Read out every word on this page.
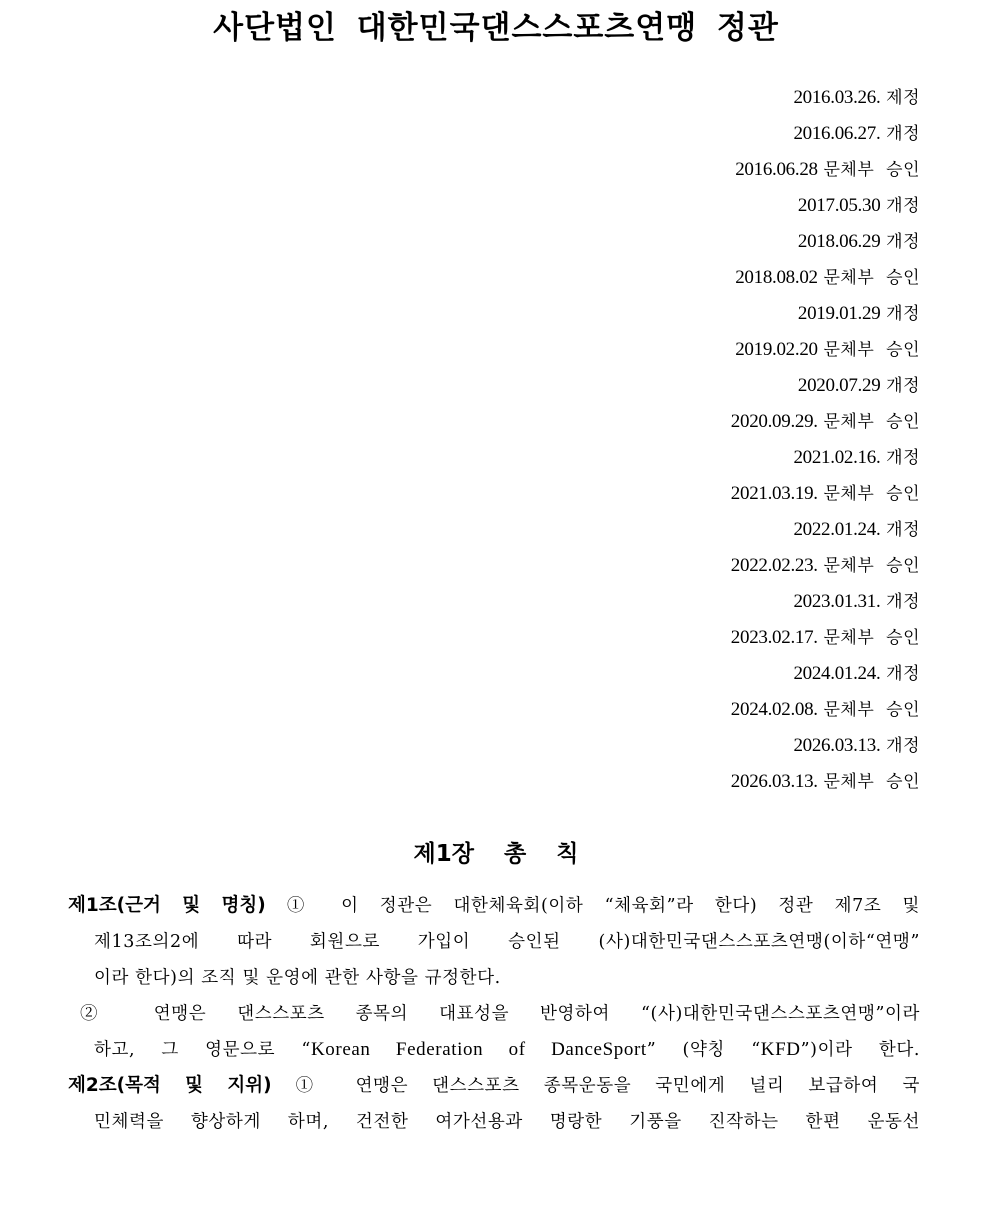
사단법인 대한민국댄스스포츠연맹 정관
2016.03.26. 제정
2016.06.27. 개정
2016.06.28 문체부 승인
2017.05.30 개정
2018.06.29 개정
2018.08.02 문체부 승인
2019.01.29 개정
2019.02.20 문체부 승인
2020.07.29 개정
2020.09.29. 문체부 승인
2021.02.16. 개정
2021.03.19. 문체부 승인
2022.01.24. 개정
2022.02.23. 문체부 승인
2023.01.31. 개정
2023.02.17. 문체부 승인
2024.01.24. 개정
2024.02.08. 문체부 승인
2026.03.13. 개정
2026.03.13. 문체부 승인
제1장 총 칙
제1조(근거 및 명칭) ① 이 정관은 대한체육회(이하 “체육회”라 한다) 정관 제7조 및
제13조의2에 따라 회원으로 가입이 승인된 (사)대한민국댄스스포츠연맹(이하“연맹”
이라 한다)의 조직 및 운영에 관한 사항을 규정한다.
② 연맹은 댄스스포츠 종목의 대표성을 반영하여 “(사)대한민국댄스스포츠연맹”이라
하고, 그 영문으로 “Korean Federation of DanceSport” (약칭 “KFD”)이라 한다.
제2조(목적 및 지위) ① 연맹은 댄스스포츠 종목운동을 국민에게 널리 보급하여 국
민체력을 향상하게 하며, 건전한 여가선용과 명랑한 기풍을 진작하는 한편 운동선
